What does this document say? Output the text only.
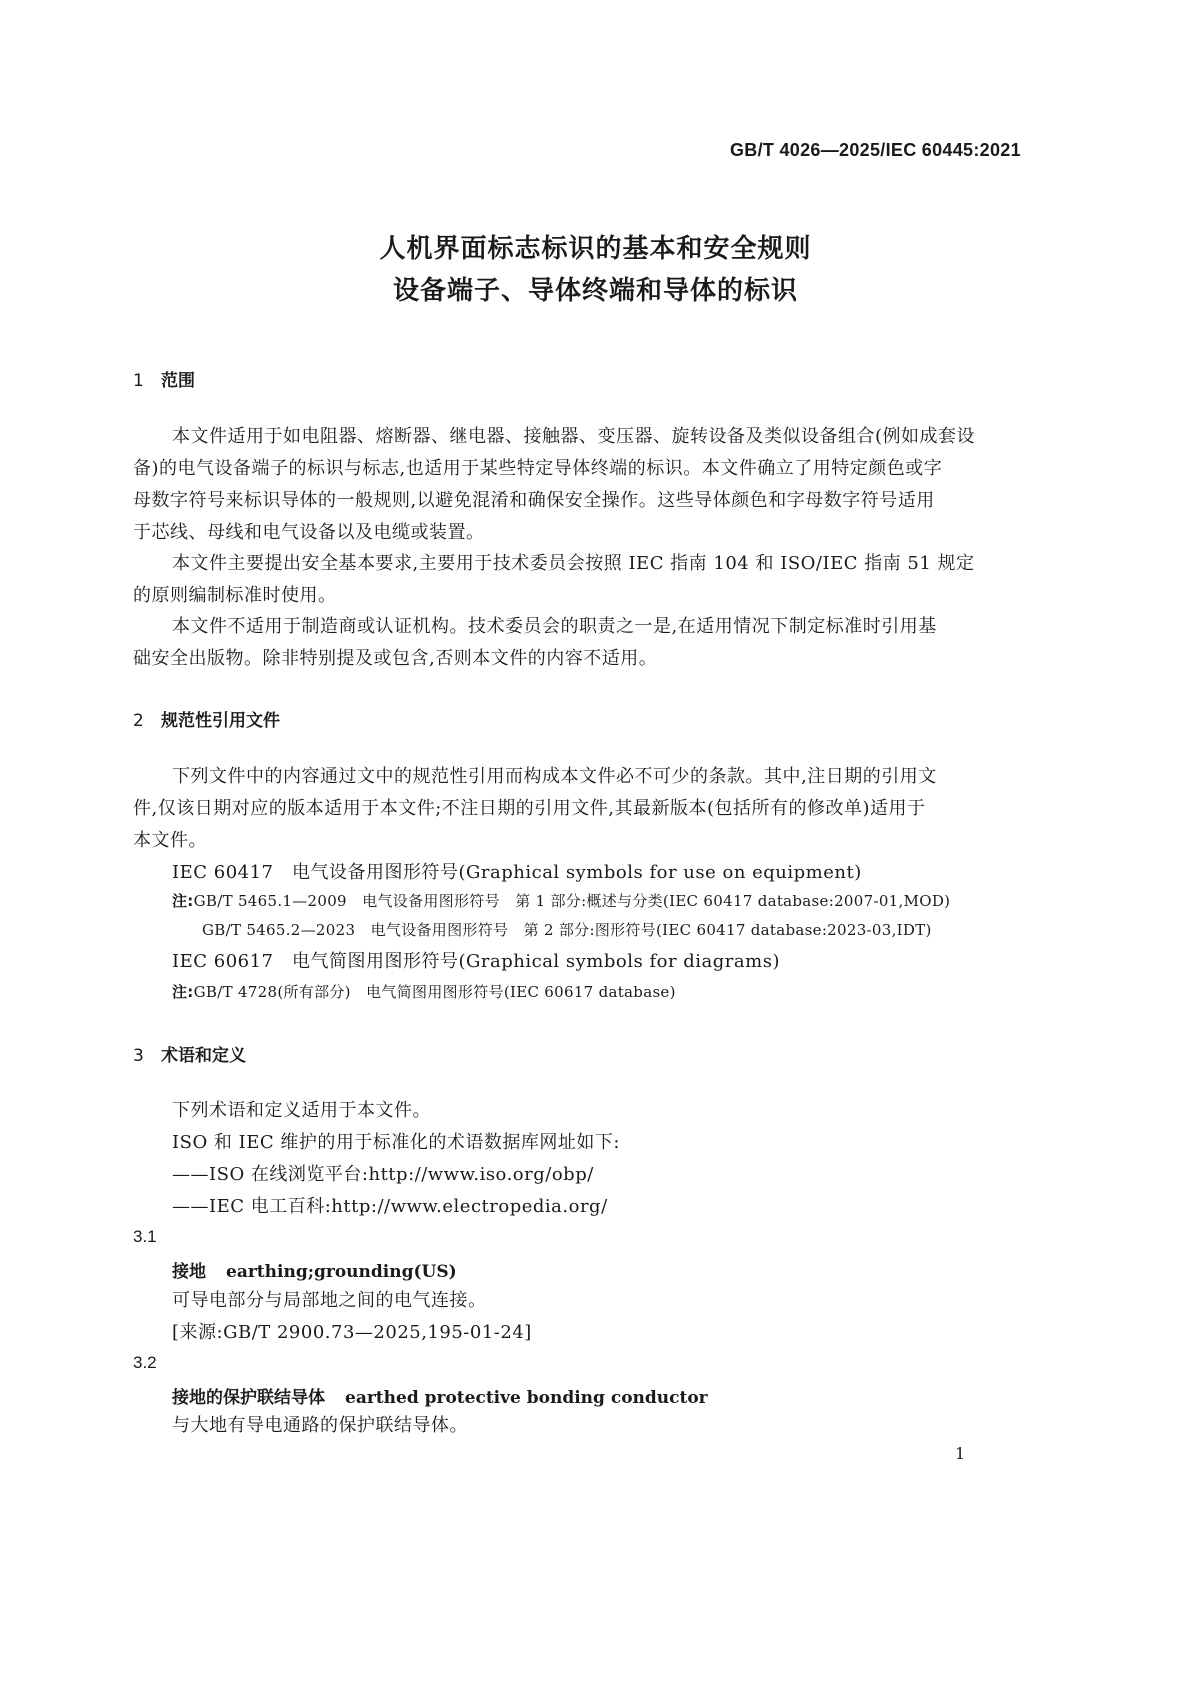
GB/T 4026—2025/IEC 60445:2021
人机界面标志标识的基本和安全规则
设备端子、导体终端和导体的标识
1 范围
本文件适用于如电阻器、熔断器、继电器、接触器、变压器、旋转设备及类似设备组合(例如成套设
备)的电气设备端子的标识与标志,也适用于某些特定导体终端的标识。本文件确立了用特定颜色或字
母数字符号来标识导体的一般规则,以避免混淆和确保安全操作。这些导体颜色和字母数字符号适用
于芯线、母线和电气设备以及电缆或装置。
本文件主要提出安全基本要求,主要用于技术委员会按照 IEC 指南 104 和 ISO/IEC 指南 51 规定
的原则编制标准时使用。
本文件不适用于制造商或认证机构。技术委员会的职责之一是,在适用情况下制定标准时引用基
础安全出版物。除非特别提及或包含,否则本文件的内容不适用。
2 规范性引用文件
下列文件中的内容通过文中的规范性引用而构成本文件必不可少的条款。其中,注日期的引用文
件,仅该日期对应的版本适用于本文件;不注日期的引用文件,其最新版本(包括所有的修改单)适用于
本文件。
IEC 60417　电气设备用图形符号(Graphical symbols for use on equipment)
注:GB/T 5465.1—2009　电气设备用图形符号　第 1 部分:概述与分类(IEC 60417 database:2007-01,MOD)
GB/T 5465.2—2023　电气设备用图形符号　第 2 部分:图形符号(IEC 60417 database:2023-03,IDT)
IEC 60617　电气简图用图形符号(Graphical symbols for diagrams)
注:GB/T 4728(所有部分)　电气简图用图形符号(IEC 60617 database)
3 术语和定义
下列术语和定义适用于本文件。
ISO 和 IEC 维护的用于标准化的术语数据库网址如下:
——ISO 在线浏览平台:http://www.iso.org/obp/
——IEC 电工百科:http://www.electropedia.org/
3.1
接地 earthing;grounding(US)
可导电部分与局部地之间的电气连接。
[来源:GB/T 2900.73—2025,195-01-24]
3.2
接地的保护联结导体 earthed protective bonding conductor
与大地有导电通路的保护联结导体。
1
